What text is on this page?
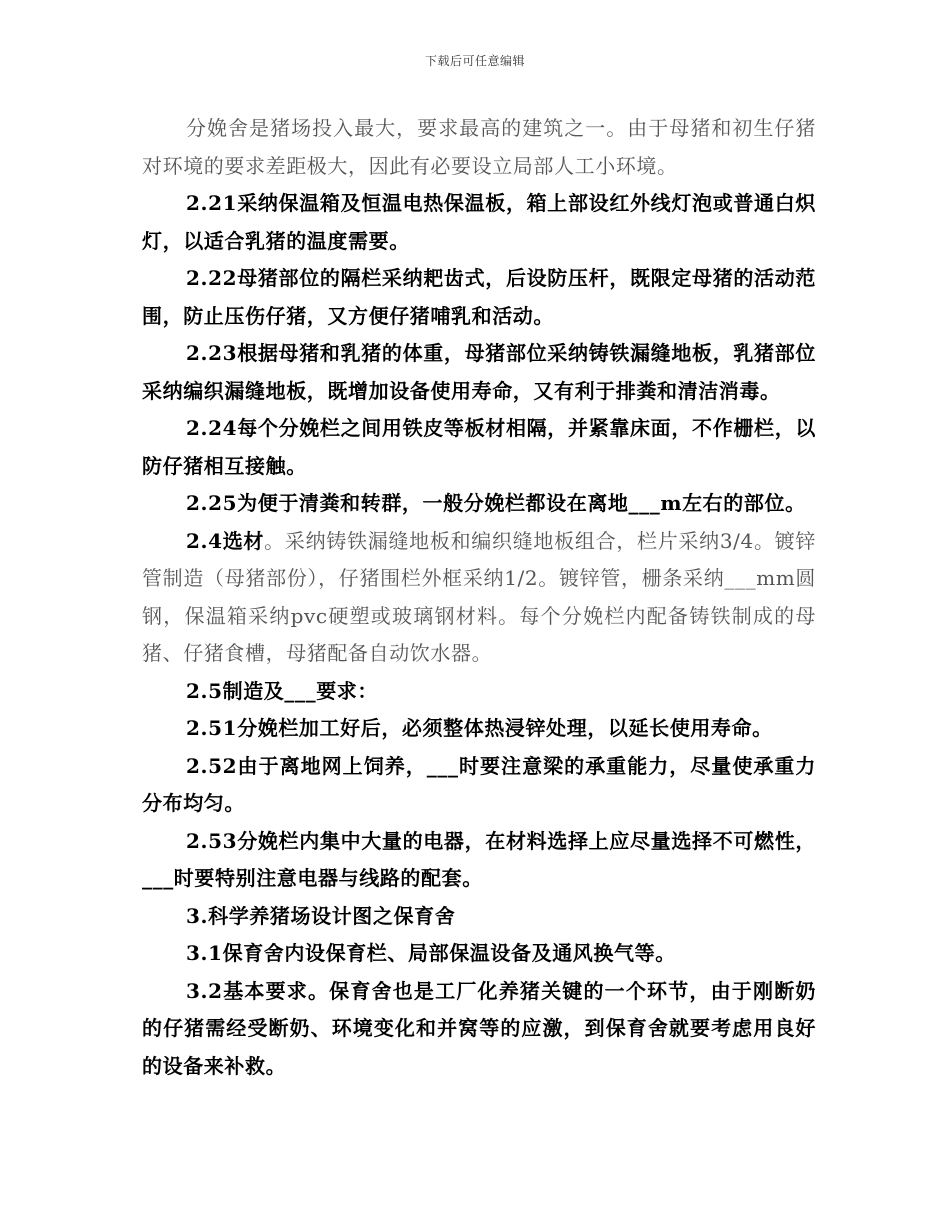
下载后可任意编辑

分娩舍是猪场投入最大，要求最高的建筑之一。由于母猪和初生仔猪对环境的要求差距极大，因此有必要设立局部人工小环境。

2.21采纳保温箱及恒温电热保温板，箱上部设红外线灯泡或普通白炽灯，以适合乳猪的温度需要。

2.22母猪部位的隔栏采纳耙齿式，后设防压杆，既限定母猪的活动范围，防止压伤仔猪，又方便仔猪哺乳和活动。

2.23根据母猪和乳猪的体重，母猪部位采纳铸铁漏缝地板，乳猪部位采纳编织漏缝地板，既增加设备使用寿命，又有利于排粪和清洁消毒。

2.24每个分娩栏之间用铁皮等板材相隔，并紧靠床面，不作栅栏，以防仔猪相互接触。

2.25为便于清粪和转群，一般分娩栏都设在离地___m左右的部位。

2.4选材。采纳铸铁漏缝地板和编织缝地板组合，栏片采纳3/4。镀锌管制造（母猪部份），仔猪围栏外框采纳1/2。镀锌管，栅条采纳___mm圆钢，保温箱采纳pvc硬塑或玻璃钢材料。每个分娩栏内配备铸铁制成的母猪、仔猪食槽，母猪配备自动饮水器。

2.5制造及___要求：

2.51分娩栏加工好后，必须整体热浸锌处理，以延长使用寿命。

2.52由于离地网上饲养，___时要注意梁的承重能力，尽量使承重力分布均匀。

2.53分娩栏内集中大量的电器，在材料选择上应尽量选择不可燃性，___时要特别注意电器与线路的配套。

3.科学养猪场设计图之保育舍

3.1保育舍内设保育栏、局部保温设备及通风换气等。

3.2基本要求。保育舍也是工厂化养猪关键的一个环节，由于刚断奶的仔猪需经受断奶、环境变化和并窝等的应激，到保育舍就要考虑用良好的设备来补救。
